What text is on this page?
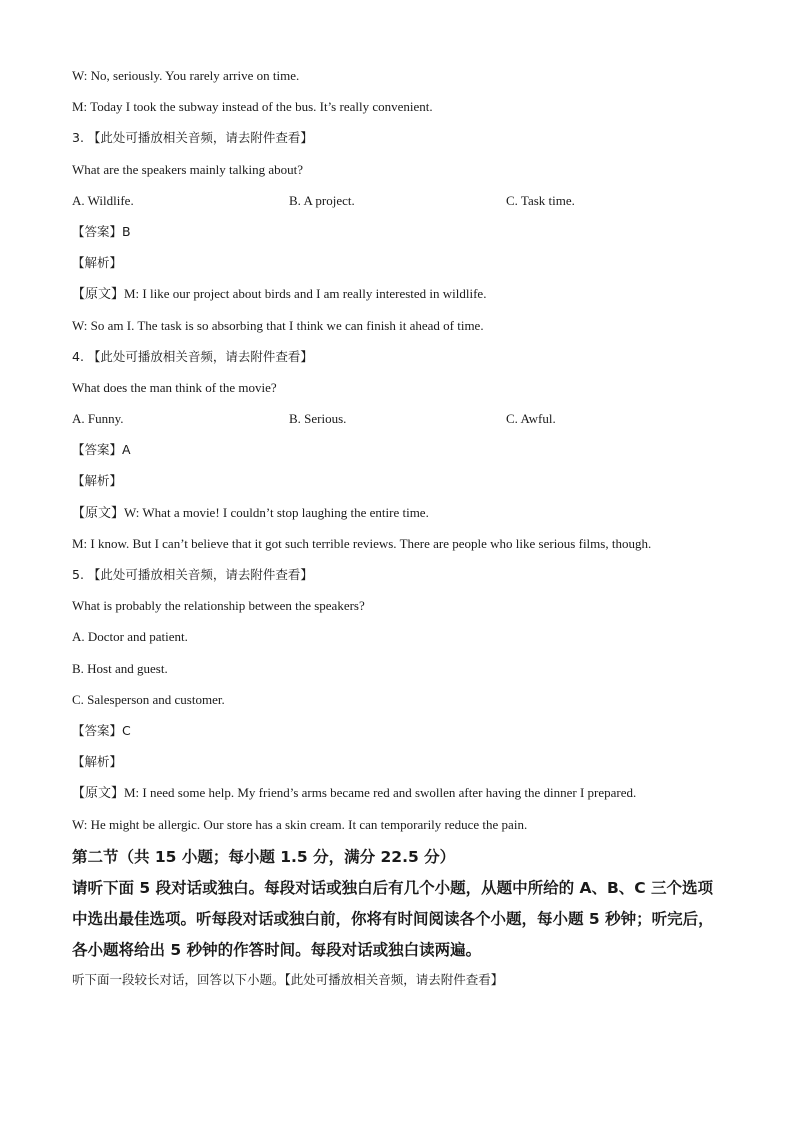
W: No, seriously. You rarely arrive on time.
M: Today I took the subway instead of the bus. It’s really convenient.
3. 【此处可播放相关音频，请去附件查看】
What are the speakers mainly talking about?
A. Wildlife.	B. A project.	C. Task time.
【答案】B
【解析】
【原文】M: I like our project about birds and I am really interested in wildlife.
W: So am I. The task is so absorbing that I think we can finish it ahead of time.
4. 【此处可播放相关音频，请去附件查看】
What does the man think of the movie?
A. Funny.	B. Serious.	C. Awful.
【答案】A
【解析】
【原文】W: What a movie! I couldn’t stop laughing the entire time.
M: I know. But I can’t believe that it got such terrible reviews. There are people who like serious films, though.
5. 【此处可播放相关音频，请去附件查看】
What is probably the relationship between the speakers?
A. Doctor and patient.
B. Host and guest.
C. Salesperson and customer.
【答案】C
【解析】
【原文】M: I need some help. My friend’s arms became red and swollen after having the dinner I prepared.
W: He might be allergic. Our store has a skin cream. It can temporarily reduce the pain.
第二节（共 15 小题；每小题 1.5 分，满分 22.5 分）
请听下面 5 段对话或独白。每段对话或独白后有几个小题，从题中所给的 A、B、C 三个选项中选出最佳选项。听每段对话或独白前，你将有时间阅读各个小题，每小题 5 秒钟；听完后，各小题将给出 5 秒钟的作答时间。每段对话或独白读两遍。
听下面一段较长对话，回答以下小题。【此处可播放相关音频，请去附件查看】
